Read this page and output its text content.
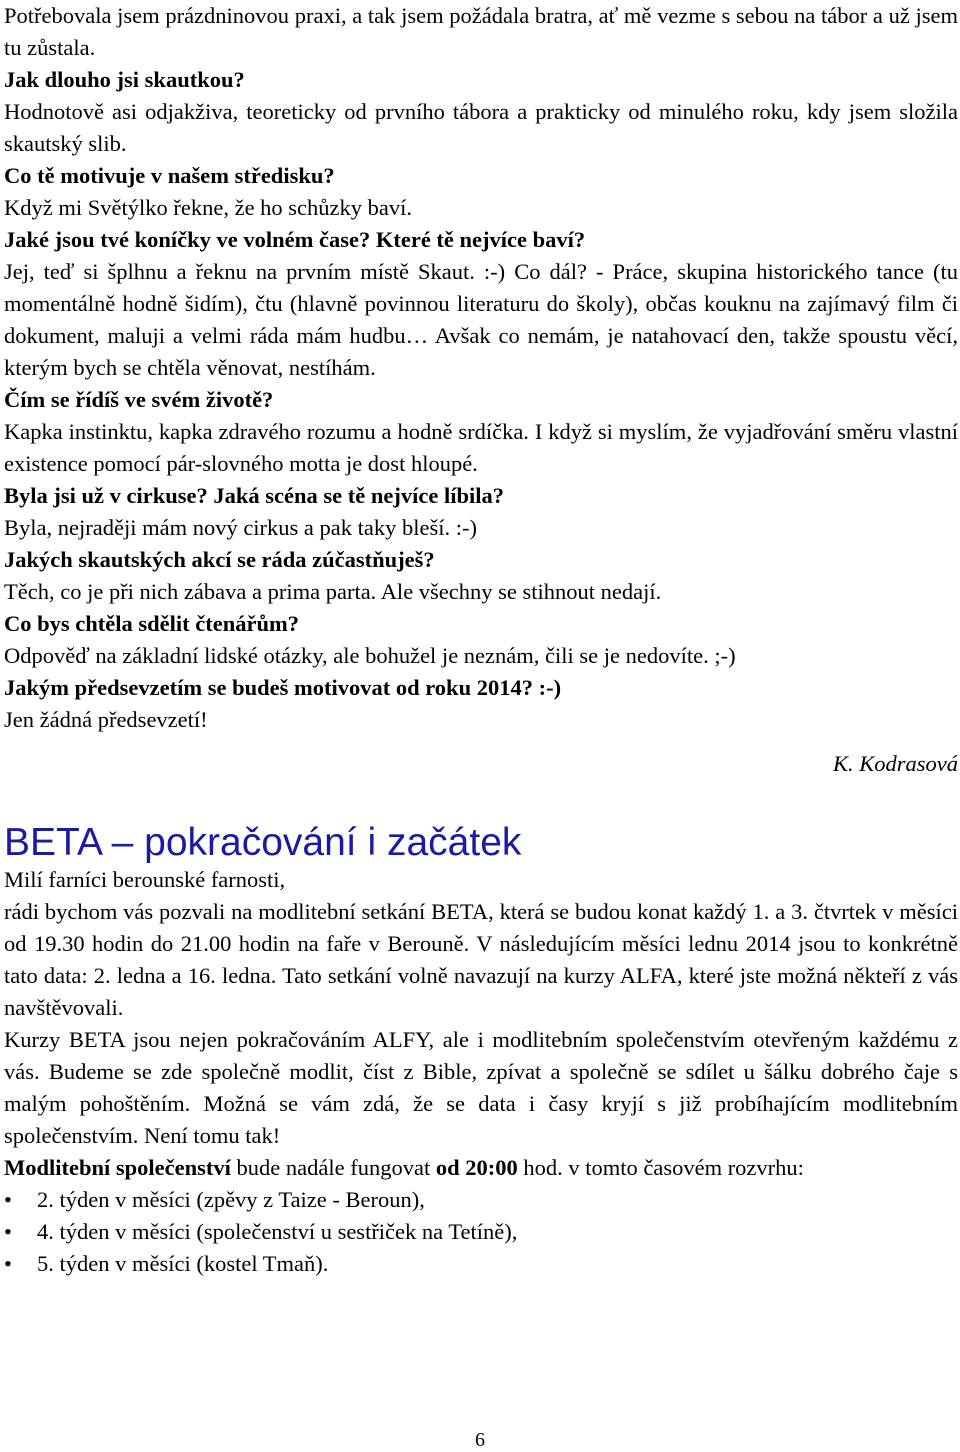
Potřebovala jsem prázdninovou praxi, a tak jsem požádala bratra, ať mě vezme s sebou na tábor a už jsem tu zůstala.

Jak dlouho jsi skautkou?

Hodnotově asi odjakživa, teoreticky od prvního tábora a prakticky od minulého roku, kdy jsem složila skautský slib.

Co tě motivuje v našem středisku?

Když mi Světýlko řekne, že ho schůzky baví.

Jaké jsou tvé koníčky ve volném čase? Které tě nejvíce baví?

Jej, teď si šplhnu a řeknu na prvním místě Skaut. :-) Co dál? - Práce, skupina historického tance (tu momentálně hodně šidím), čtu (hlavně povinnou literaturu do školy), občas kouknu na zajímavý film či dokument, maluji a velmi ráda mám hudbu… Avšak co nemám, je natahovací den, takže spoustu věcí, kterým bych se chtěla věnovat, nestíhám.

Čím se řídíš ve svém životě?

Kapka instinktu, kapka zdravého rozumu a hodně srdíčka. I když si myslím, že vyjadřování směru vlastní existence pomocí pár-slovného motta je dost hloupé.

Byla jsi už v cirkuse? Jaká scéna se tě nejvíce líbila?

Byla, nejraději mám nový cirkus a pak taky bleší. :-)

Jakých skautských akcí se ráda zúčastňuješ?

Těch, co je při nich zábava a prima parta. Ale všechny se stihnout nedají.

Co bys chtěla sdělit čtenářům?

Odpověď na základní lidské otázky, ale bohužel je neznám, čili se je nedovíte. ;-)

Jakým předsevzetím se budeš motivovat od roku 2014? :-)

Jen žádná předsevzetí!

K. Kodrasová

BETA – pokračování i začátek

Milí farníci berounské farnosti,

rádi bychom vás pozvali na modlitební setkání BETA, která se budou konat každý 1. a 3. čtvrtek v měsíci od 19.30 hodin do 21.00 hodin na faře v Berouně. V následujícím měsíci lednu 2014 jsou to konkrétně tato data: 2. ledna a 16. ledna. Tato setkání volně navazují na kurzy ALFA, které jste možná někteří z vás navštěvovali.

Kurzy BETA jsou nejen pokračováním ALFY, ale i modlitebním společenstvím otevřeným každému z vás. Budeme se zde společně modlit, číst z Bible, zpívat a společně se sdílet u šálku dobrého čaje s malým pohoštěním. Možná se vám zdá, že se data i časy kryjí s již probíhajícím modlitebním společenstvím. Není tomu tak!

Modlitební společenství bude nadále fungovat od 20:00 hod. v tomto časovém rozvrhu:

• 2. týden v měsíci (zpěvy z Taize - Beroun),
• 4. týden v měsíci (společenství u sestřiček na Tetíně),
• 5. týden v měsíci (kostel Tmaň).
6
